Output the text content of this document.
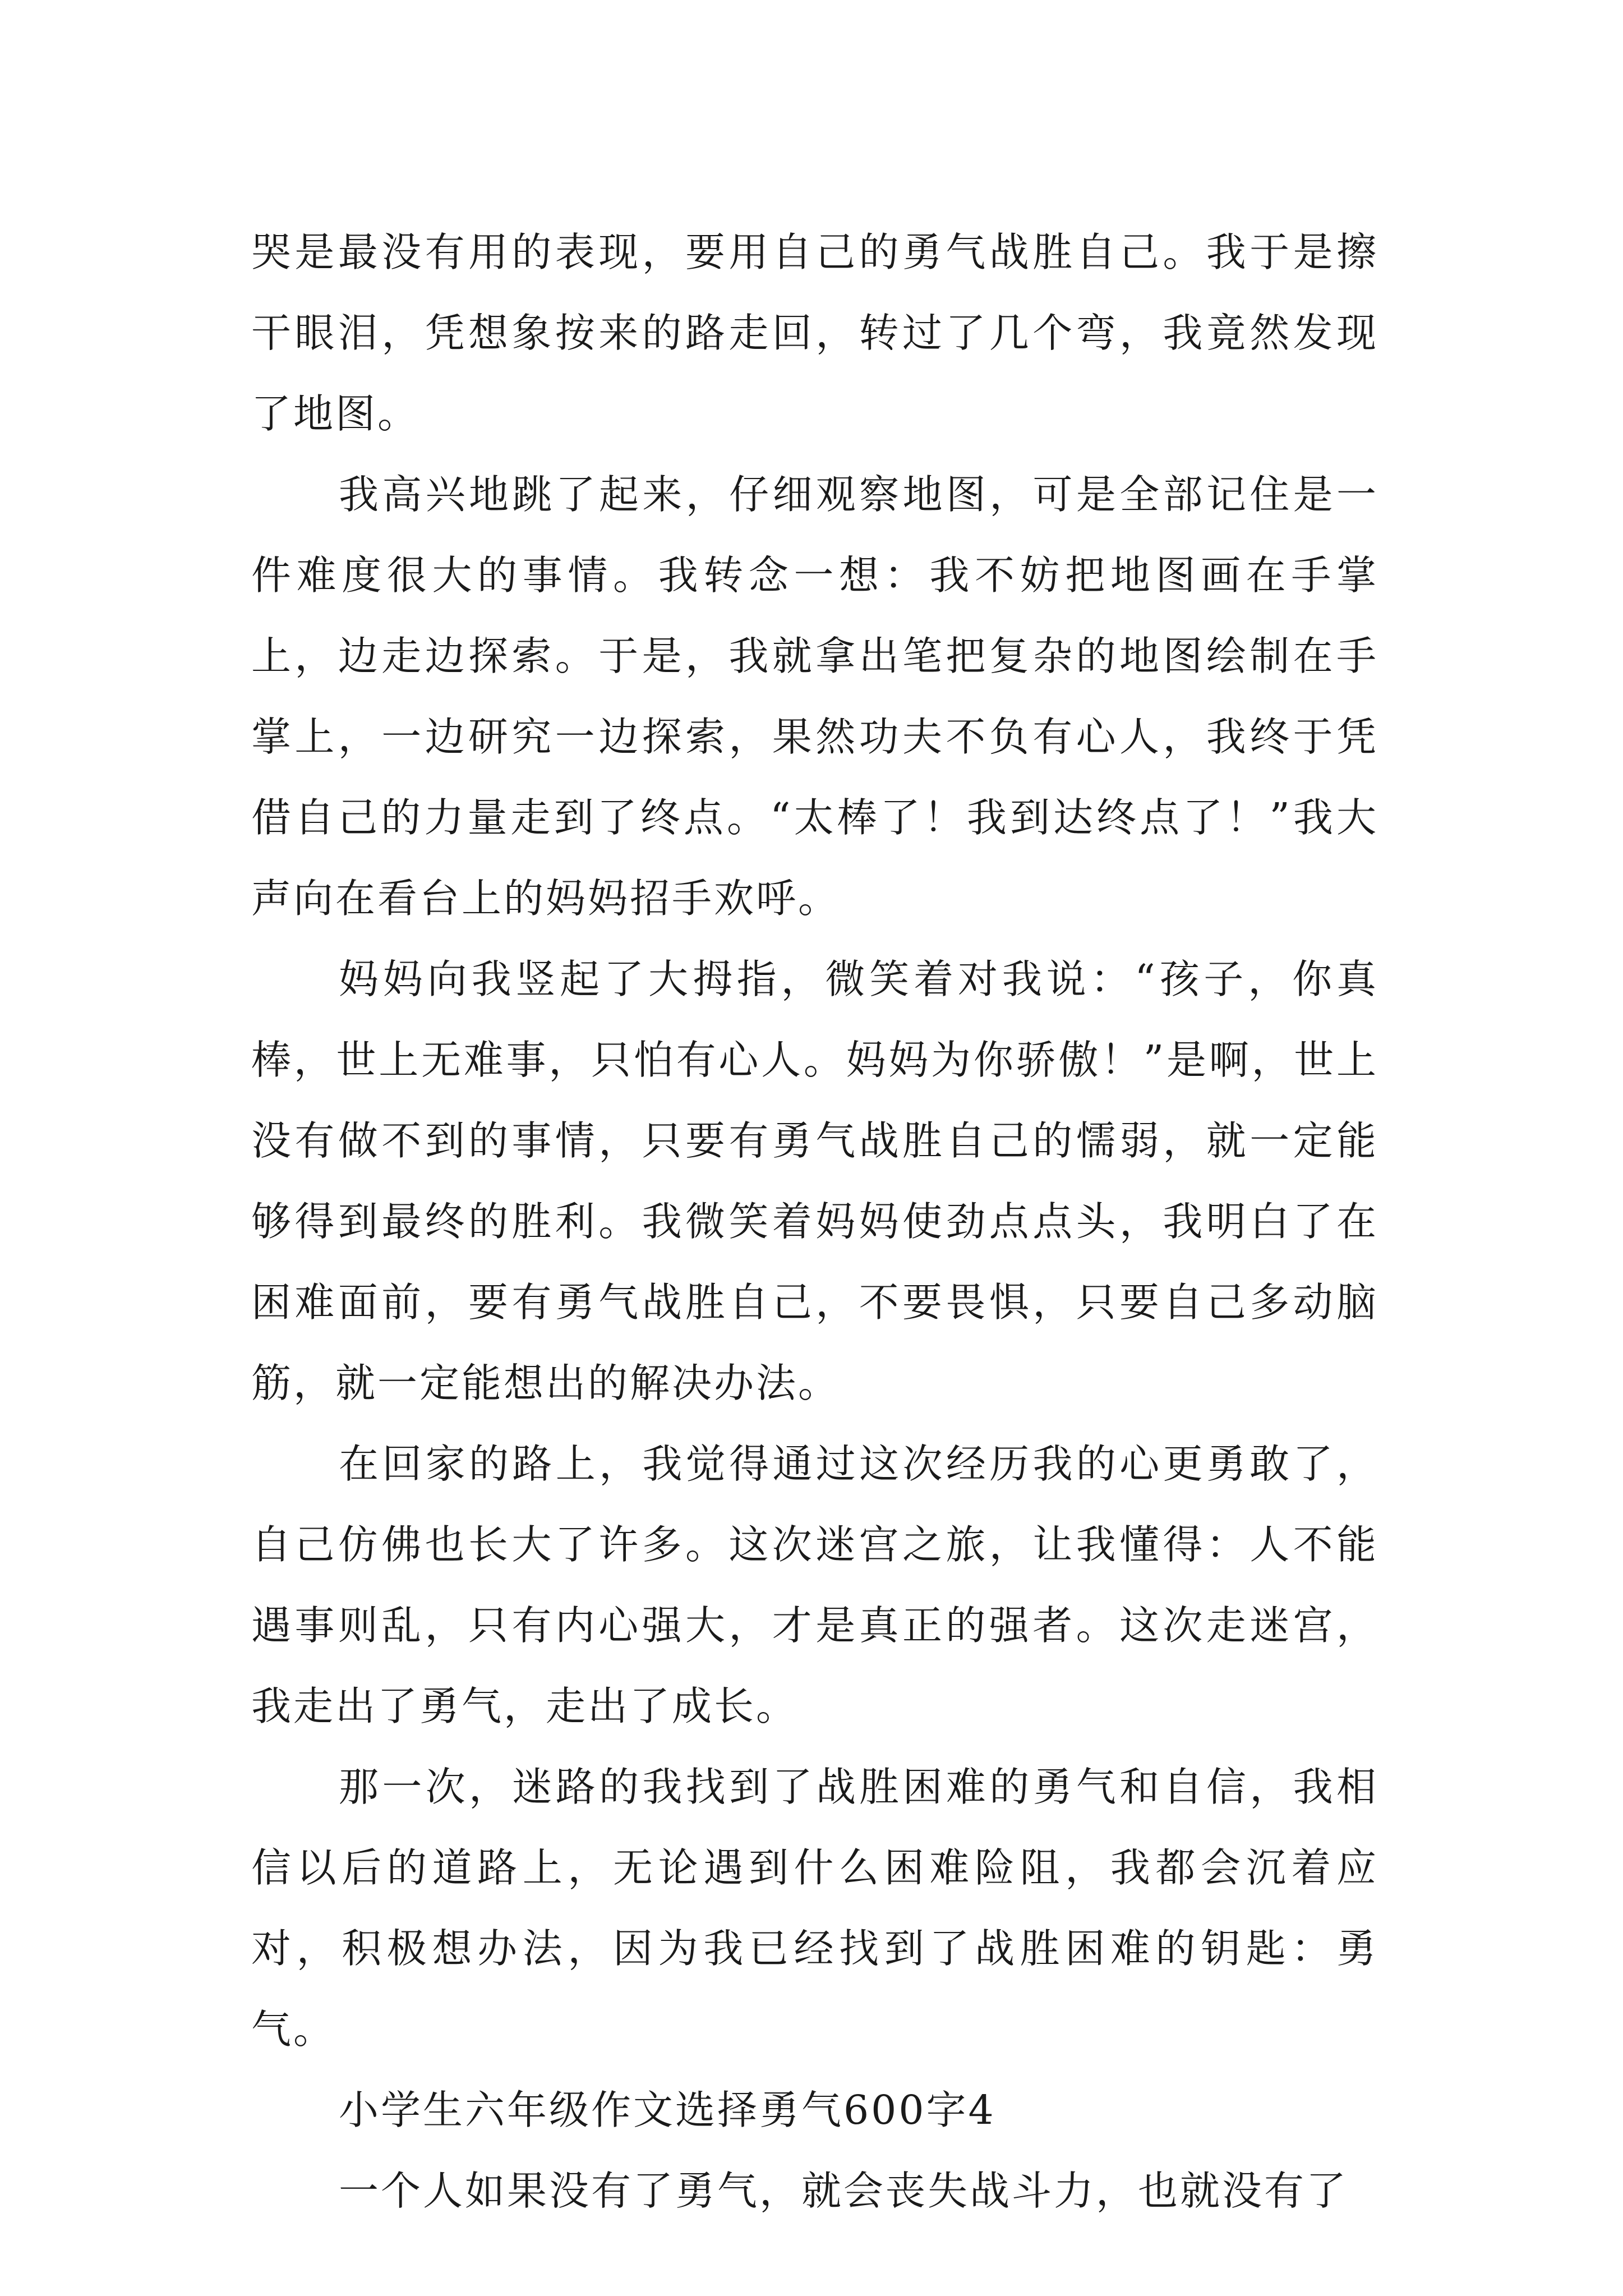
哭是最没有用的表现，要用自己的勇气战胜自己。我于是擦干眼泪，凭想象按来的路走回，转过了几个弯，我竟然发现了地图。

我高兴地跳了起来，仔细观察地图，可是全部记住是一件难度很大的事情。我转念一想：我不妨把地图画在手掌上，边走边探索。于是，我就拿出笔把复杂的地图绘制在手掌上，一边研究一边探索，果然功夫不负有心人，我终于凭借自己的力量走到了终点。“太棒了！我到达终点了！”我大声向在看台上的妈妈招手欢呼。

妈妈向我竖起了大拇指，微笑着对我说：“孩子，你真棒，世上无难事，只怕有心人。妈妈为你骄傲！”是啊，世上没有做不到的事情，只要有勇气战胜自己的懦弱，就一定能够得到最终的胜利。我微笑着妈妈使劲点点头，我明白了在困难面前，要有勇气战胜自己，不要畏惧，只要自己多动脑筋，就一定能想出的解决办法。

在回家的路上，我觉得通过这次经历我的心更勇敢了，自己仿佛也长大了许多。这次迷宫之旅，让我懂得：人不能遇事则乱，只有内心强大，才是真正的强者。这次走迷宫，我走出了勇气，走出了成长。

那一次，迷路的我找到了战胜困难的勇气和自信，我相信以后的道路上，无论遇到什么困难险阻，我都会沉着应对，积极想办法，因为我已经找到了战胜困难的钥匙：勇气。

小学生六年级作文选择勇气600字4

一个人如果没有了勇气，就会丧失战斗力，也就没有了
